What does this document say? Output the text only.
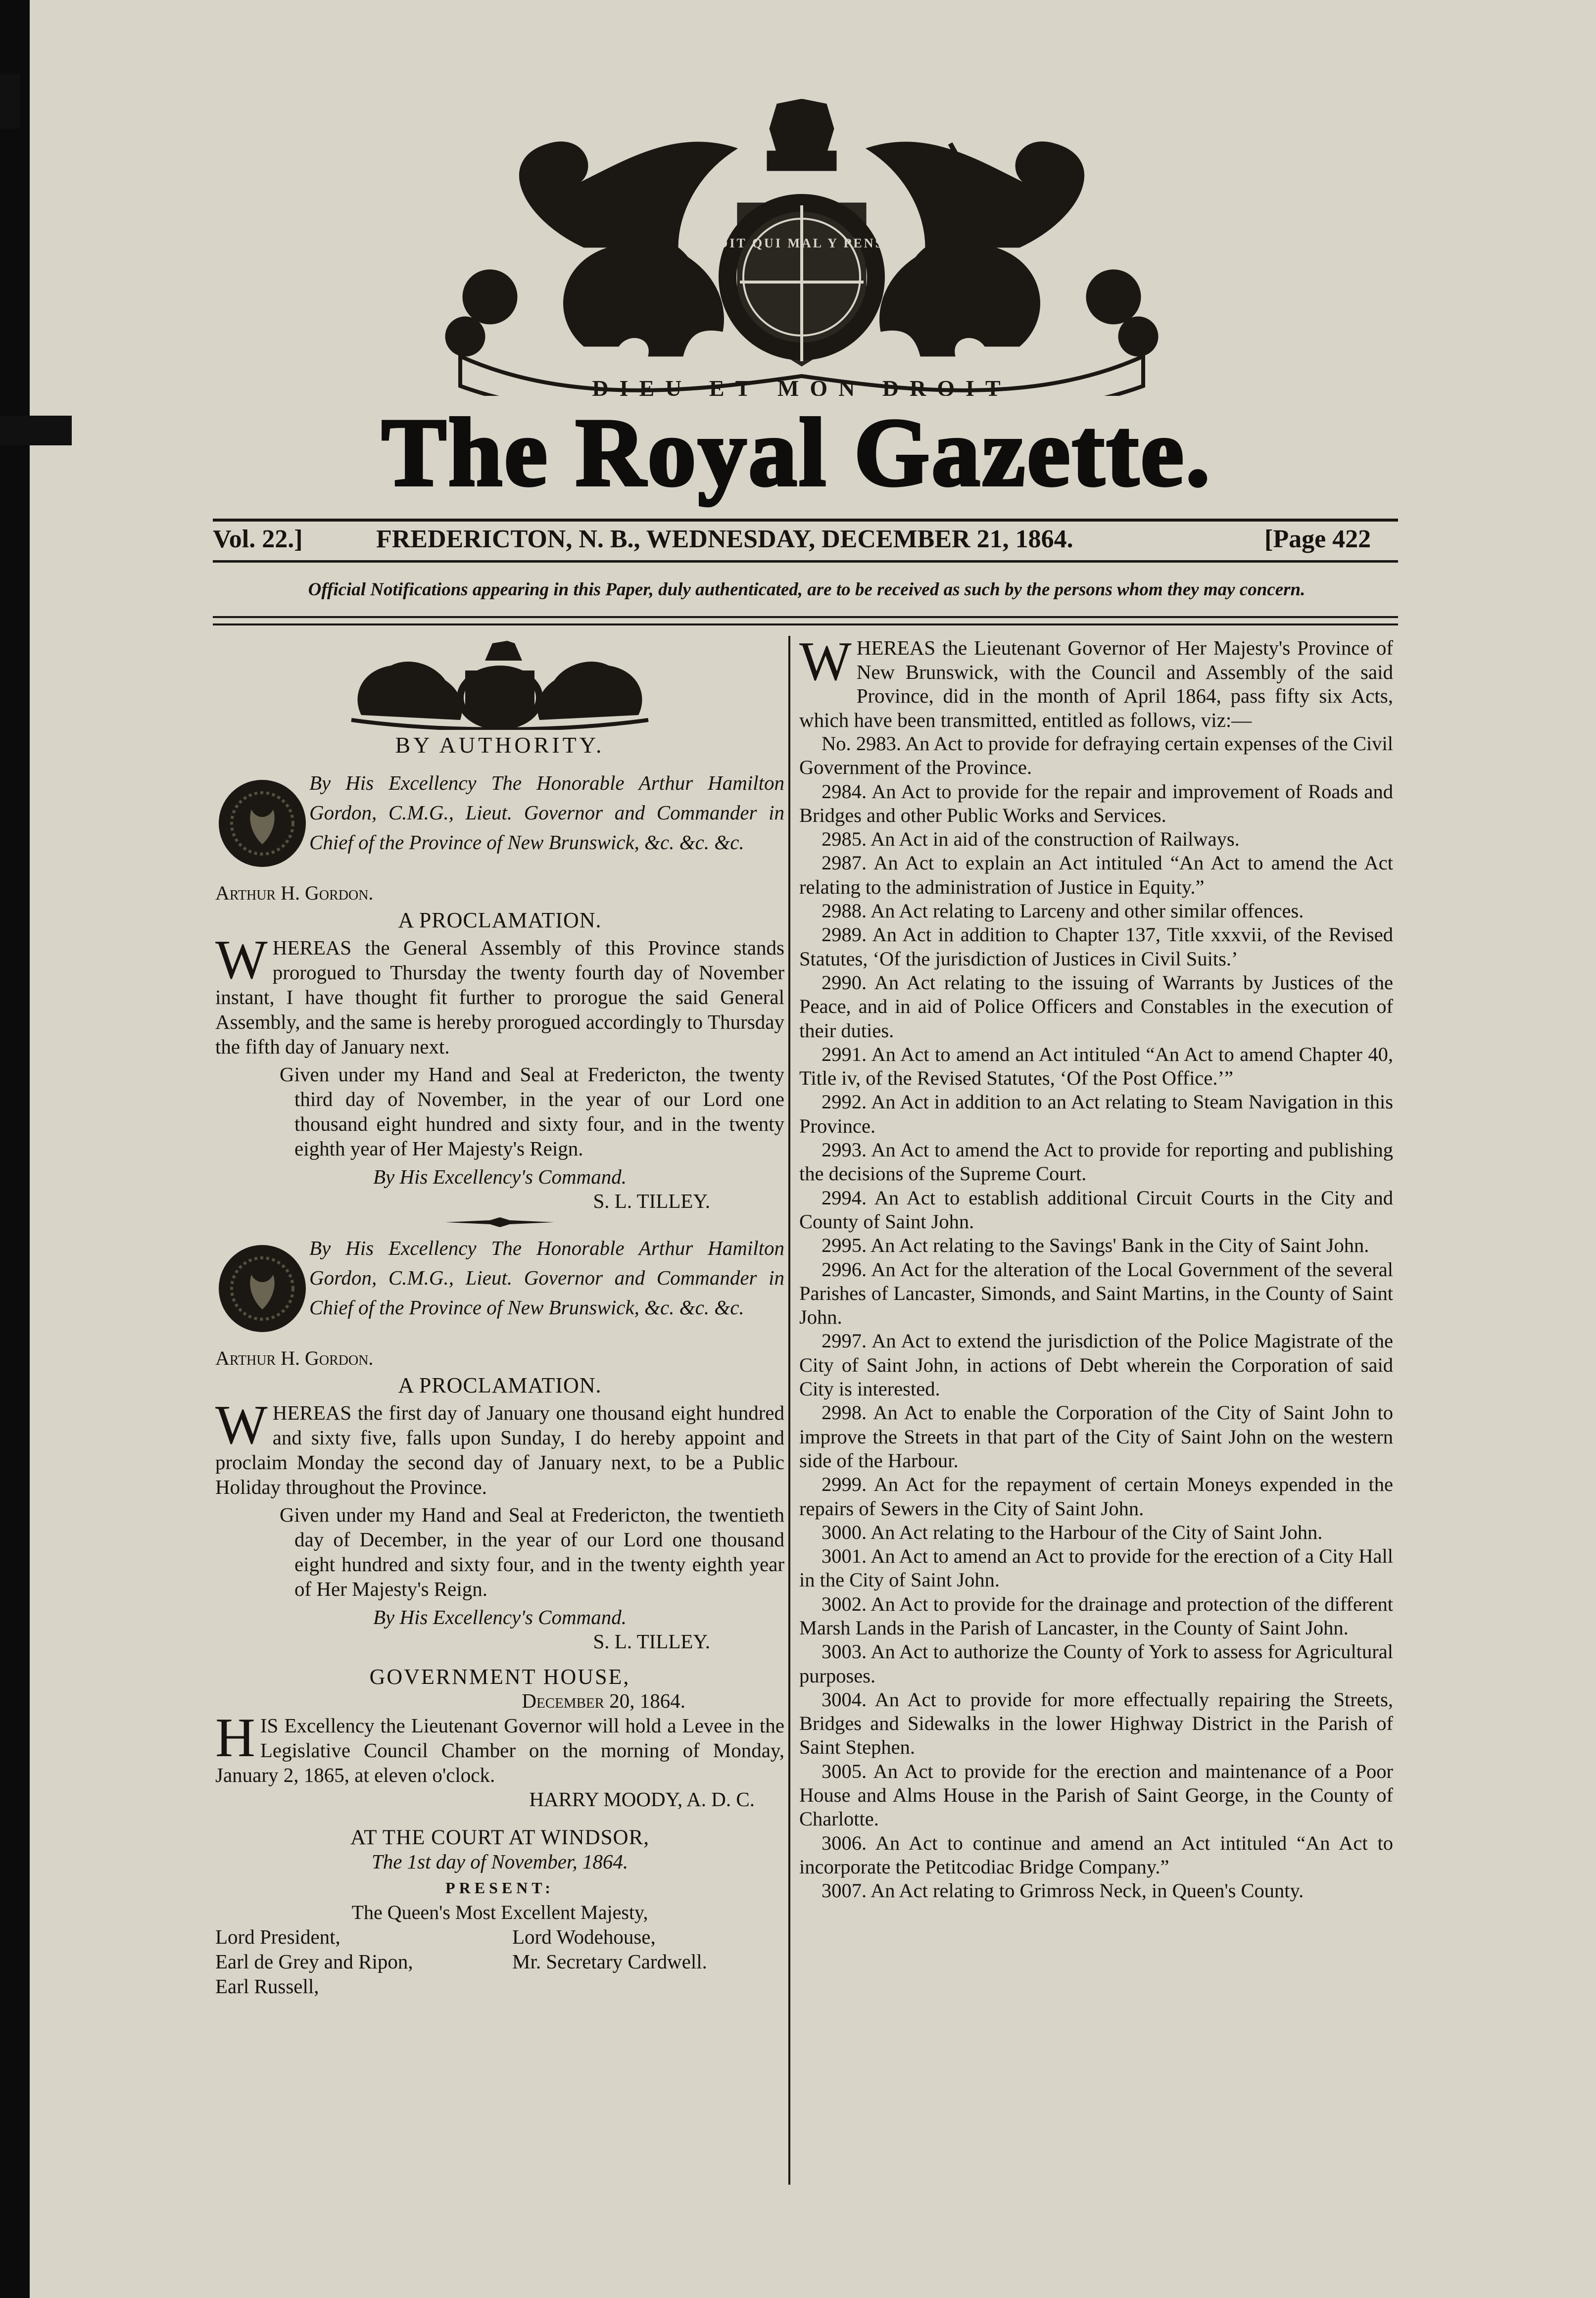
DIEU ET MON DROIT
SOIT QUI MAL Y PENSE
The Royal Gazette.
Vol. 22.]	FREDERICTON, N. B., WEDNESDAY, DECEMBER 21, 1864.	[Page 422
Official Notifications appearing in this Paper, duly authenticated, are to be received as such by the persons whom they may concern.
BY AUTHORITY.
By His Excellency The Honorable Arthur Hamilton Gordon, C.M.G., Lieut. Governor and Commander in Chief of the Province of New Brunswick, &c. &c. &c.
Arthur H. Gordon.
A PROCLAMATION.

WHEREAS the General Assembly of this Province stands prorogued to Thursday the twenty fourth day of November instant, I have thought fit further to prorogue the said General Assembly, and the same is hereby prorogued accordingly to Thursday the fifth day of January next.

Given under my Hand and Seal at Fredericton, the twenty third day of November, in the year of our Lord one thousand eight hundred and sixty four, and in the twenty eighth year of Her Majesty's Reign.

By His Excellency's Command.
S. L. TILLEY.
By His Excellency The Honorable Arthur Hamilton Gordon, C.M.G., Lieut. Governor and Commander in Chief of the Province of New Brunswick, &c. &c. &c.
Arthur H. Gordon.
A PROCLAMATION.

WHEREAS the first day of January one thousand eight hundred and sixty five, falls upon Sunday, I do hereby appoint and proclaim Monday the second day of January next, to be a Public Holiday throughout the Province.

Given under my Hand and Seal at Fredericton, the twentieth day of December, in the year of our Lord one thousand eight hundred and sixty four, and in the twenty eighth year of Her Majesty's Reign.

By His Excellency's Command.
S. L. TILLEY.
GOVERNMENT HOUSE,
December 20, 1864.

HIS Excellency the Lieutenant Governor will hold a Levee in the Legislative Council Chamber on the morning of Monday, January 2, 1865, at eleven o'clock.

HARRY MOODY, A. D. C.
AT THE COURT AT WINDSOR,
The 1st day of November, 1864.
PRESENT:
The Queen's Most Excellent Majesty,
Lord President,	Lord Wodehouse,
Earl de Grey and Ripon,	Mr. Secretary Cardwell.
Earl Russell,

WHEREAS the Lieutenant Governor of Her Majesty's Province of New Brunswick, with the Council and Assembly of the said Province, did in the month of April 1864, pass fifty six Acts, which have been transmitted, entitled as follows, viz:—

No. 2983. An Act to provide for defraying certain expenses of the Civil Government of the Province.

2984. An Act to provide for the repair and improvement of Roads and Bridges and other Public Works and Services.

2985. An Act in aid of the construction of Railways.

2987. An Act to explain an Act intituled “An Act to amend the Act relating to the administration of Justice in Equity.”

2988. An Act relating to Larceny and other similar offences.

2989. An Act in addition to Chapter 137, Title xxxvii, of the Revised Statutes, ‘Of the jurisdiction of Justices in Civil Suits.’

2990. An Act relating to the issuing of Warrants by Justices of the Peace, and in aid of Police Officers and Constables in the execution of their duties.

2991. An Act to amend an Act intituled “An Act to amend Chapter 40, Title iv, of the Revised Statutes, ‘Of the Post Office.’”

2992. An Act in addition to an Act relating to Steam Navigation in this Province.

2993. An Act to amend the Act to provide for reporting and publishing the decisions of the Supreme Court.

2994. An Act to establish additional Circuit Courts in the City and County of Saint John.

2995. An Act relating to the Savings' Bank in the City of Saint John.

2996. An Act for the alteration of the Local Government of the several Parishes of Lancaster, Simonds, and Saint Martins, in the County of Saint John.

2997. An Act to extend the jurisdiction of the Police Magistrate of the City of Saint John, in actions of Debt wherein the Corporation of said City is interested.

2998. An Act to enable the Corporation of the City of Saint John to improve the Streets in that part of the City of Saint John on the western side of the Harbour.

2999. An Act for the repayment of certain Moneys expended in the repairs of Sewers in the City of Saint John.

3000. An Act relating to the Harbour of the City of Saint John.

3001. An Act to amend an Act to provide for the erection of a City Hall in the City of Saint John.

3002. An Act to provide for the drainage and protection of the different Marsh Lands in the Parish of Lancaster, in the County of Saint John.

3003. An Act to authorize the County of York to assess for Agricultural purposes.

3004. An Act to provide for more effectually repairing the Streets, Bridges and Sidewalks in the lower Highway District in the Parish of Saint Stephen.

3005. An Act to provide for the erection and maintenance of a Poor House and Alms House in the Parish of Saint George, in the County of Charlotte.

3006. An Act to continue and amend an Act intituled “An Act to incorporate the Petitcodiac Bridge Company.”

3007. An Act relating to Grimross Neck, in Queen's County.
